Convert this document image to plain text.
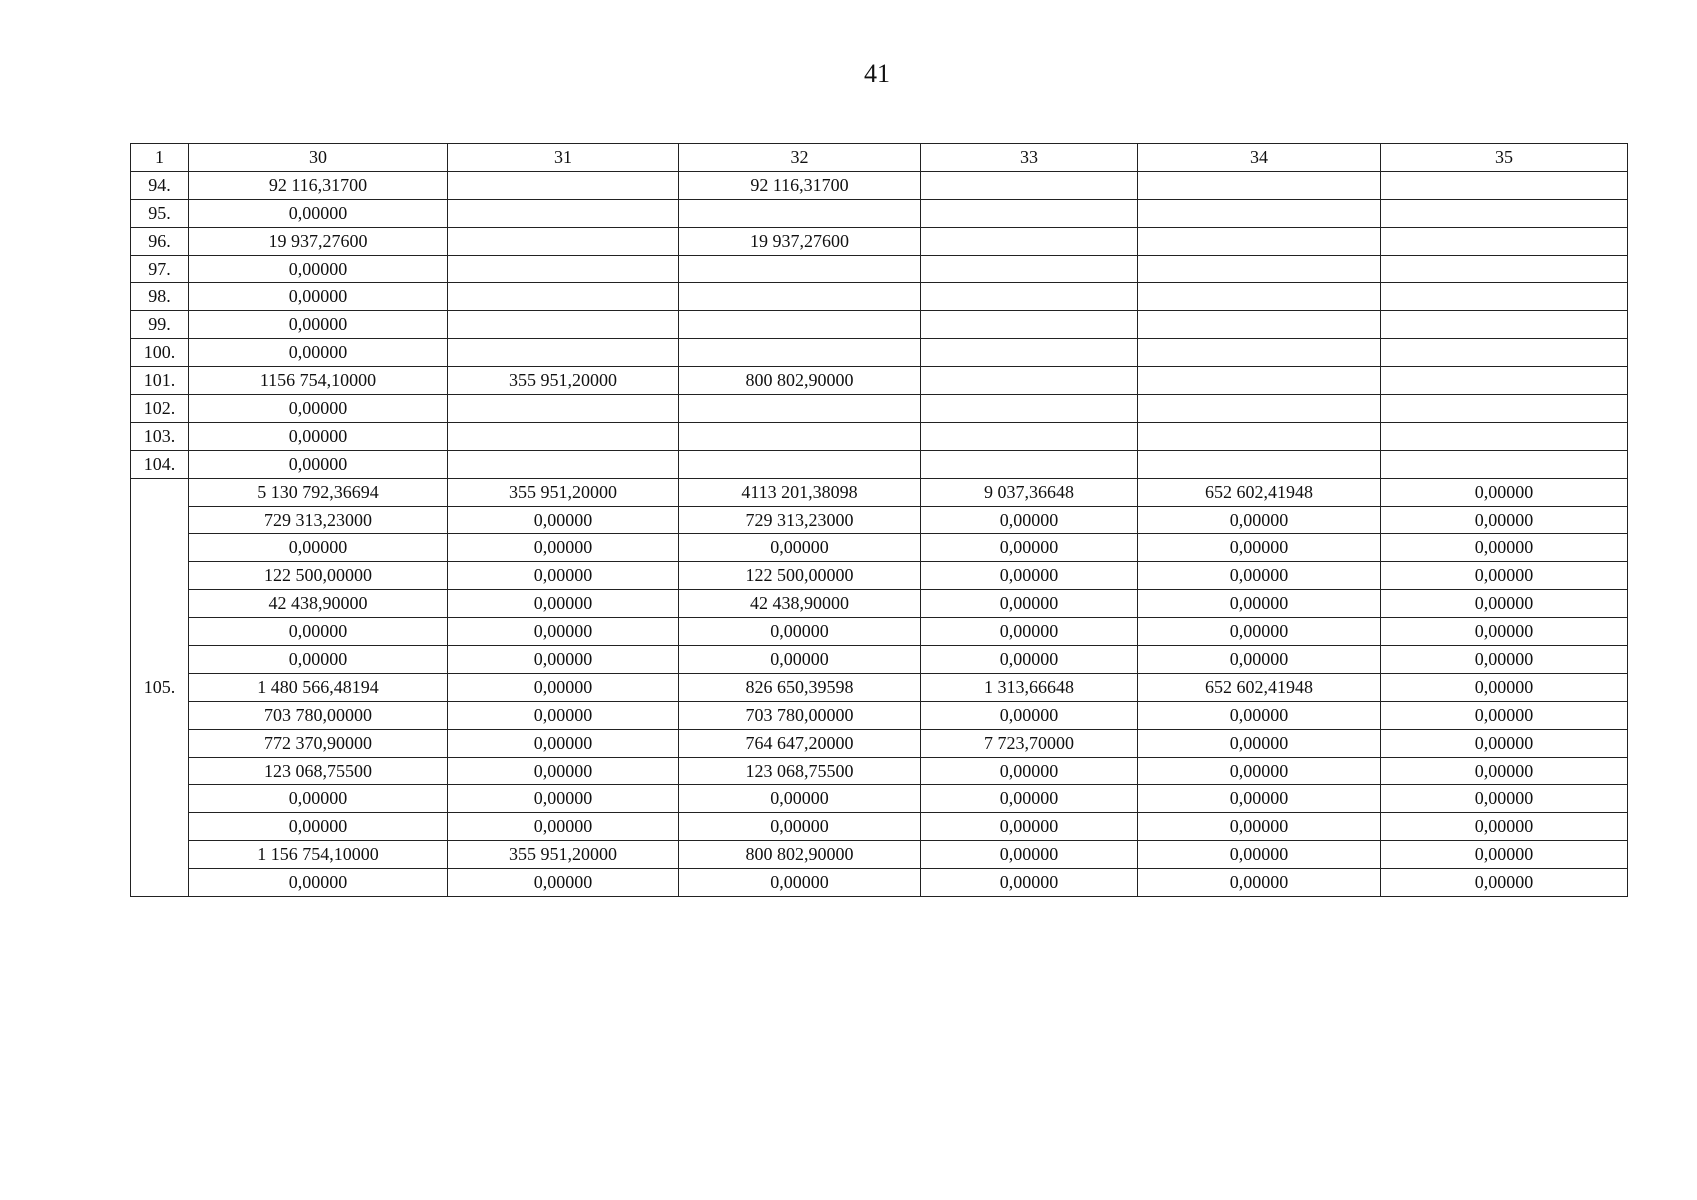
41
1	30	31	32	33	34	35
94.	92 116,31700		92 116,31700			
95.	0,00000					
96.	19 937,27600		19 937,27600			
97.	0,00000					
98.	0,00000					
99.	0,00000					
100.	0,00000					
101.	1156 754,10000	355 951,20000	800 802,90000			
102.	0,00000					
103.	0,00000					
104.	0,00000					
105.	5 130 792,36694	355 951,20000	4113 201,38098	9 037,36648	652 602,41948	0,00000
	729 313,23000	0,00000	729 313,23000	0,00000	0,00000	0,00000
	0,00000	0,00000	0,00000	0,00000	0,00000	0,00000
	122 500,00000	0,00000	122 500,00000	0,00000	0,00000	0,00000
	42 438,90000	0,00000	42 438,90000	0,00000	0,00000	0,00000
	0,00000	0,00000	0,00000	0,00000	0,00000	0,00000
	0,00000	0,00000	0,00000	0,00000	0,00000	0,00000
	1 480 566,48194	0,00000	826 650,39598	1 313,66648	652 602,41948	0,00000
	703 780,00000	0,00000	703 780,00000	0,00000	0,00000	0,00000
	772 370,90000	0,00000	764 647,20000	7 723,70000	0,00000	0,00000
	123 068,75500	0,00000	123 068,75500	0,00000	0,00000	0,00000
	0,00000	0,00000	0,00000	0,00000	0,00000	0,00000
	0,00000	0,00000	0,00000	0,00000	0,00000	0,00000
	1 156 754,10000	355 951,20000	800 802,90000	0,00000	0,00000	0,00000
	0,00000	0,00000	0,00000	0,00000	0,00000	0,00000
